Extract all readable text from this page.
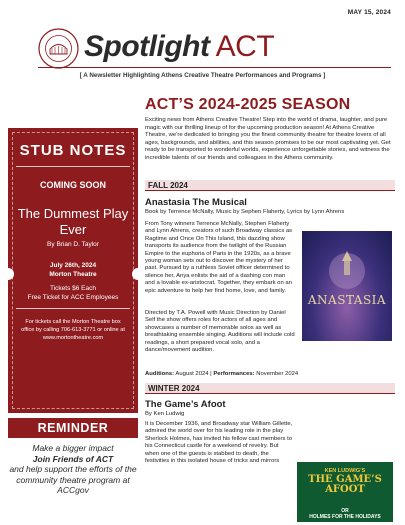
MAY 15, 2024
Spotlight ACT
[ A Newsletter Highlighting Athens Creative Theatre Performances and Programs ]
STUB NOTES
COMING SOON
The Dummest Play Ever
By Brian D. Taylor
July 26th, 2024
Morton Theatre
Tickets $6 Each
Free Ticket for ACC Employees
For tickets call the Morton Theatre box office by calling 706-613-3771 or online at www.mortontheatre.com
REMINDER
Make a bigger impact
Join Friends of ACT
and help support the efforts of the community theatre program at ACCgov
ACT’S 2024-2025 SEASON
Exciting news from Athens Creative Theatre! Step into the world of drama, laughter, and pure magic with our thrilling lineup of for the upcoming production season! At Athens Creative Theatre, we’re dedicated to bringing you the finest community theatre for theatre lovers of all ages, backgrounds, and abilities, and this season promises to be our most captivating yet. Get ready to be transported to wonderful worlds, experience unforgettable stories, and witness the incredible talents of our friends and colleagues in the Athens community.
FALL 2024
Anastasia The Musical
Book by Terrence McNally, Music by Sephen Flaherty, Lyrics by Lynn Ahrens
From Tony winners Terrence McNally, Stephen Flaherty and Lynn Ahrens, creators of such Broadway classics as Ragtime and Once On This Island, this dazzling show transports its audience from the twilight of the Russian Empire to the euphoria of Paris in the 1920s, as a brave young woman sets out to discover the mystery of her past. Pursued by a ruthless Soviet officer determined to silence her, Anya enlists the aid of a dashing con man and a lovable ex-aristocrat. Together, they embark on an epic adventure to help her find home, love, and family.
Directed by T.A. Powell with Music Direction by Daniel Self the show offers roles for actors of all ages and showcases a number of memorable solos as well as breathtaking ensemble singing. Auditions will include cold readings, a short prepared vocal solo, and a dance/movement audition.
Auditions: August 2024 | Performances: November 2024
WINTER 2024
The Game’s Afoot
By Ken Ludwig
It is December 1936, and Broadway star William Gillette, admired the world over for his leading role in the play Sherlock Holmes, has invited his fellow cast members to his Connecticut castle for a weekend of revelry. But when one of the guests is stabbed to death, the festivities in this isolated house of tricks and mirrors
ANASTASIA
KEN LUDWIG’S
THE GAME’S AFOOT
OR
HOLMES FOR THE HOLIDAYS
